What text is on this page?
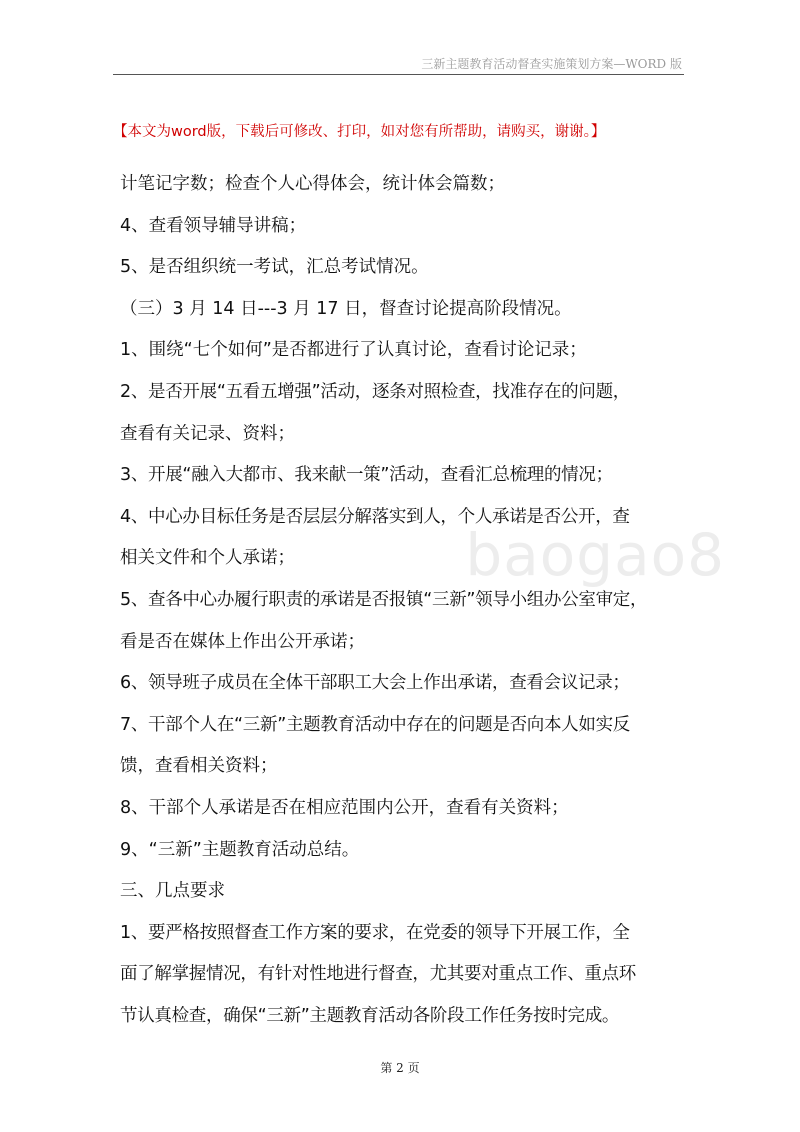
三新主题教育活动督查实施策划方案—WORD 版
【本文为word版，下载后可修改、打印，如对您有所帮助，请购买，谢谢。】
baogao8

计笔记字数；检查个人心得体会，统计体会篇数；

4、查看领导辅导讲稿；

5、是否组织统一考试，汇总考试情况。

（三）3 月 14 日---3 月 17 日，督查讨论提高阶段情况。

1、围绕“七个如何”是否都进行了认真讨论，查看讨论记录；

2、是否开展“五看五增强”活动，逐条对照检查，找准存在的问题，

查看有关记录、资料；

3、开展“融入大都市、我来献一策”活动，查看汇总梳理的情况；

4、中心办目标任务是否层层分解落实到人，个人承诺是否公开，查

相关文件和个人承诺；

5、查各中心办履行职责的承诺是否报镇“三新”领导小组办公室审定，

看是否在媒体上作出公开承诺；

6、领导班子成员在全体干部职工大会上作出承诺，查看会议记录；

7、干部个人在“三新”主题教育活动中存在的问题是否向本人如实反

馈，查看相关资料；

8、干部个人承诺是否在相应范围内公开，查看有关资料；

9、“三新”主题教育活动总结。

三、几点要求

1、要严格按照督查工作方案的要求，在党委的领导下开展工作，全

面了解掌握情况，有针对性地进行督查，尤其要对重点工作、重点环

节认真检查，确保“三新”主题教育活动各阶段工作任务按时完成。

第 2 页
